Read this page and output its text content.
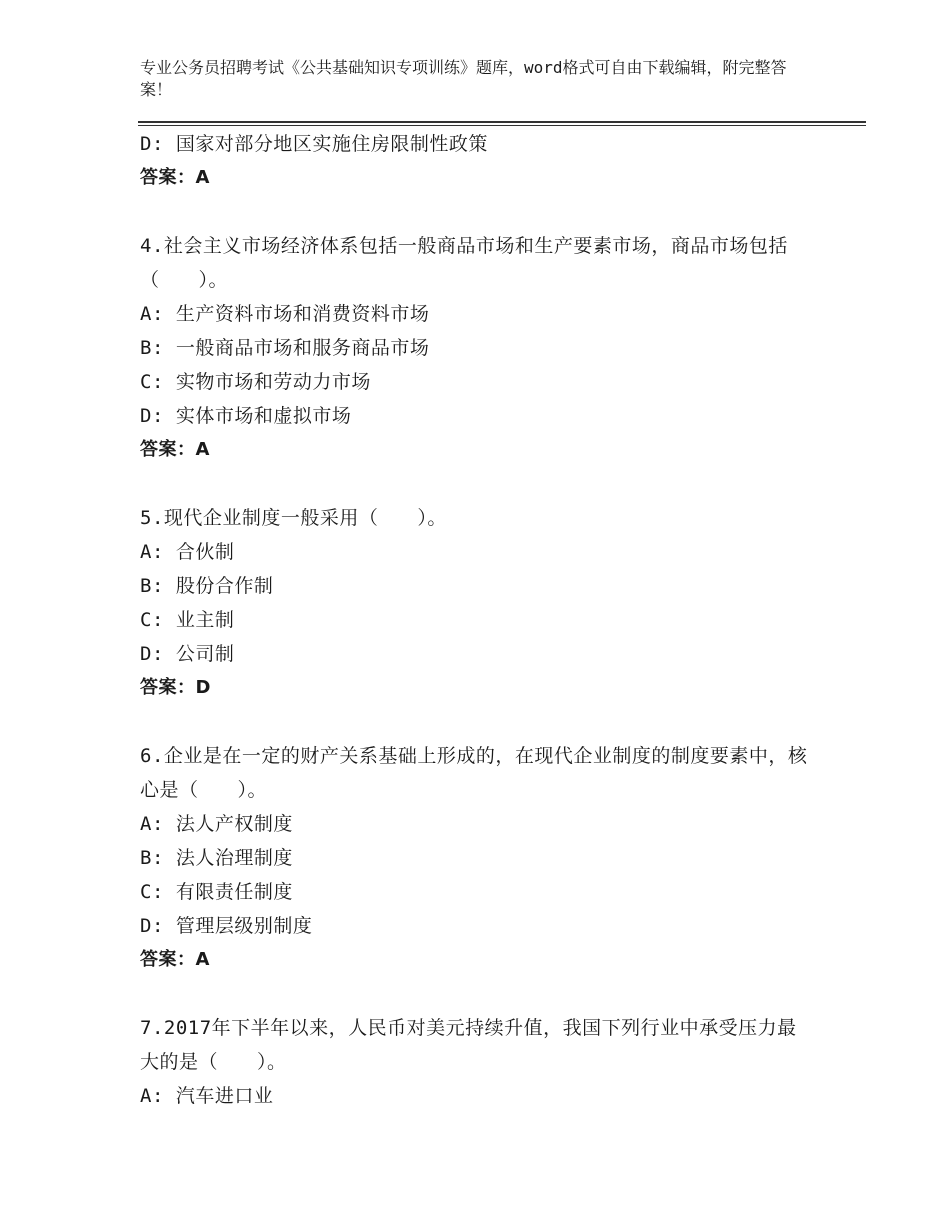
专业公务员招聘考试《公共基础知识专项训练》题库，word格式可自由下载编辑，附完整答案！
D: 国家对部分地区实施住房限制性政策
答案：A
4.社会主义市场经济体系包括一般商品市场和生产要素市场，商品市场包括（　　）。
A: 生产资料市场和消费资料市场
B: 一般商品市场和服务商品市场
C: 实物市场和劳动力市场
D: 实体市场和虚拟市场
答案：A
5.现代企业制度一般采用（　　）。
A: 合伙制
B: 股份合作制
C: 业主制
D: 公司制
答案：D
6.企业是在一定的财产关系基础上形成的，在现代企业制度的制度要素中，核心是（　　）。
A: 法人产权制度
B: 法人治理制度
C: 有限责任制度
D: 管理层级别制度
答案：A
7.2017年下半年以来，人民币对美元持续升值，我国下列行业中承受压力最大的是（　　）。
A: 汽车进口业
